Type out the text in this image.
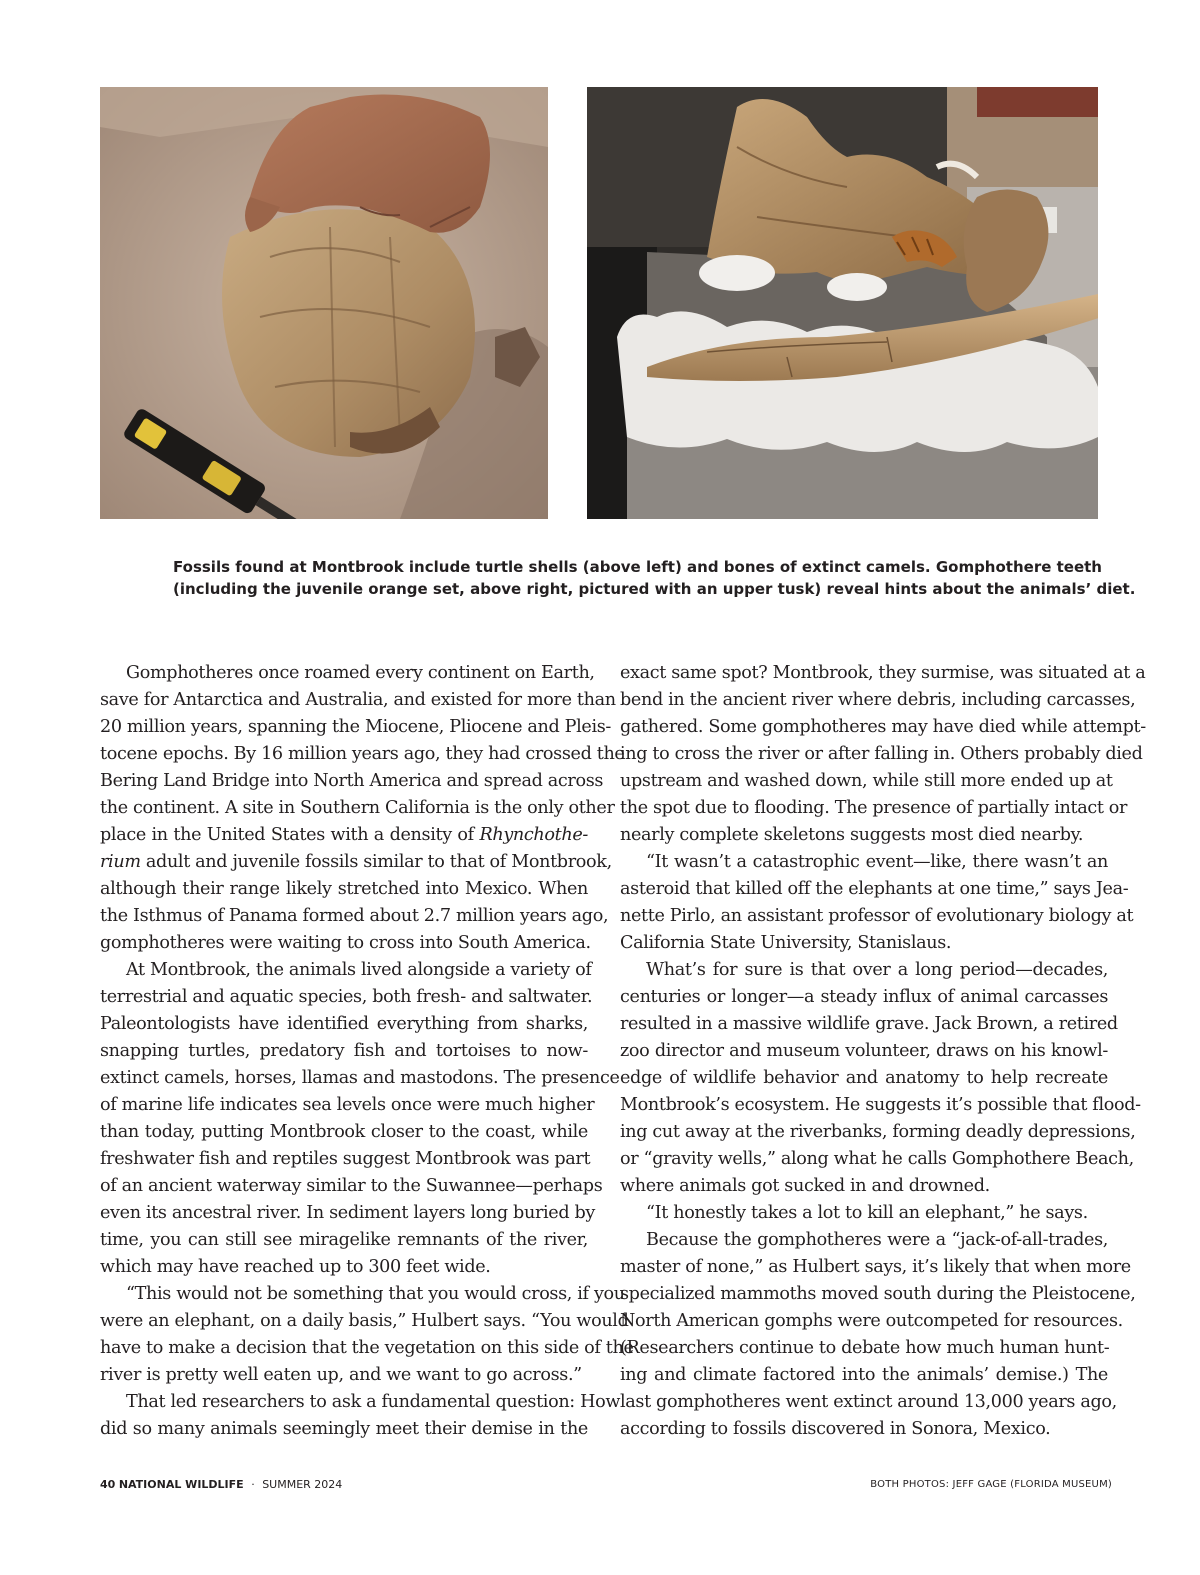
Fossils found at Montbrook include turtle shells (above left) and bones of extinct camels. Gomphothere teeth

(including the juvenile orange set, above right, pictured with an upper tusk) reveal hints about the animals’ diet.

Gomphotheres once roamed every continent on Earth,
save for Antarctica and Australia, and existed for more than
20 million years, spanning the Miocene, Pliocene and Pleis-
tocene epochs. By 16 million years ago, they had crossed the
Bering Land Bridge into North America and spread across
the continent. A site in Southern California is the only other
place in the United States with a density of Rhynchothe-
rium adult and juvenile fossils similar to that of Montbrook,
although their range likely stretched into Mexico. When
the Isthmus of Panama formed about 2.7 million years ago,
gomphotheres were waiting to cross into South America.
At Montbrook, the animals lived alongside a variety of
terrestrial and aquatic species, both fresh- and saltwater.
Paleontologists have identified everything from sharks,
snapping turtles, predatory fish and tortoises to now-
extinct camels, horses, llamas and mastodons. The presence
of marine life indicates sea levels once were much higher
than today, putting Montbrook closer to the coast, while
freshwater fish and reptiles suggest Montbrook was part
of an ancient waterway similar to the Suwannee—perhaps
even its ancestral river. In sediment layers long buried by
time, you can still see miragelike remnants of the river,
which may have reached up to 300 feet wide.
“This would not be something that you would cross, if you
were an elephant, on a daily basis,” Hulbert says. “You would
have to make a decision that the vegetation on this side of the
river is pretty well eaten up, and we want to go across.”
That led researchers to ask a fundamental question: How
did so many animals seemingly meet their demise in the
exact same spot? Montbrook, they surmise, was situated at a
bend in the ancient river where debris, including carcasses,
gathered. Some gomphotheres may have died while attempt-
ing to cross the river or after falling in. Others probably died
upstream and washed down, while still more ended up at
the spot due to flooding. The presence of partially intact or
nearly complete skeletons suggests most died nearby.
“It wasn’t a catastrophic event—like, there wasn’t an
asteroid that killed off the elephants at one time,” says Jea-
nette Pirlo, an assistant professor of evolutionary biology at
California State University, Stanislaus.
What’s for sure is that over a long period—decades,
centuries or longer—a steady influx of animal carcasses
resulted in a massive wildlife grave. Jack Brown, a retired
zoo director and museum volunteer, draws on his knowl-
edge of wildlife behavior and anatomy to help recreate
Montbrook’s ecosystem. He suggests it’s possible that flood-
ing cut away at the riverbanks, forming deadly depressions,
or “gravity wells,” along what he calls Gomphothere Beach,
where animals got sucked in and drowned.
“It honestly takes a lot to kill an elephant,” he says.
Because the gomphotheres were a “jack-of-all-trades,
master of none,” as Hulbert says, it’s likely that when more
specialized mammoths moved south during the Pleistocene,
North American gomphs were outcompeted for resources.
(Researchers continue to debate how much human hunt-
ing and climate factored into the animals’ demise.) The
last gomphotheres went extinct around 13,000 years ago,
according to fossils discovered in Sonora, Mexico.
40 NATIONAL WILDLIFE · SUMMER 2024	BOTH PHOTOS: JEFF GAGE (FLORIDA MUSEUM)
